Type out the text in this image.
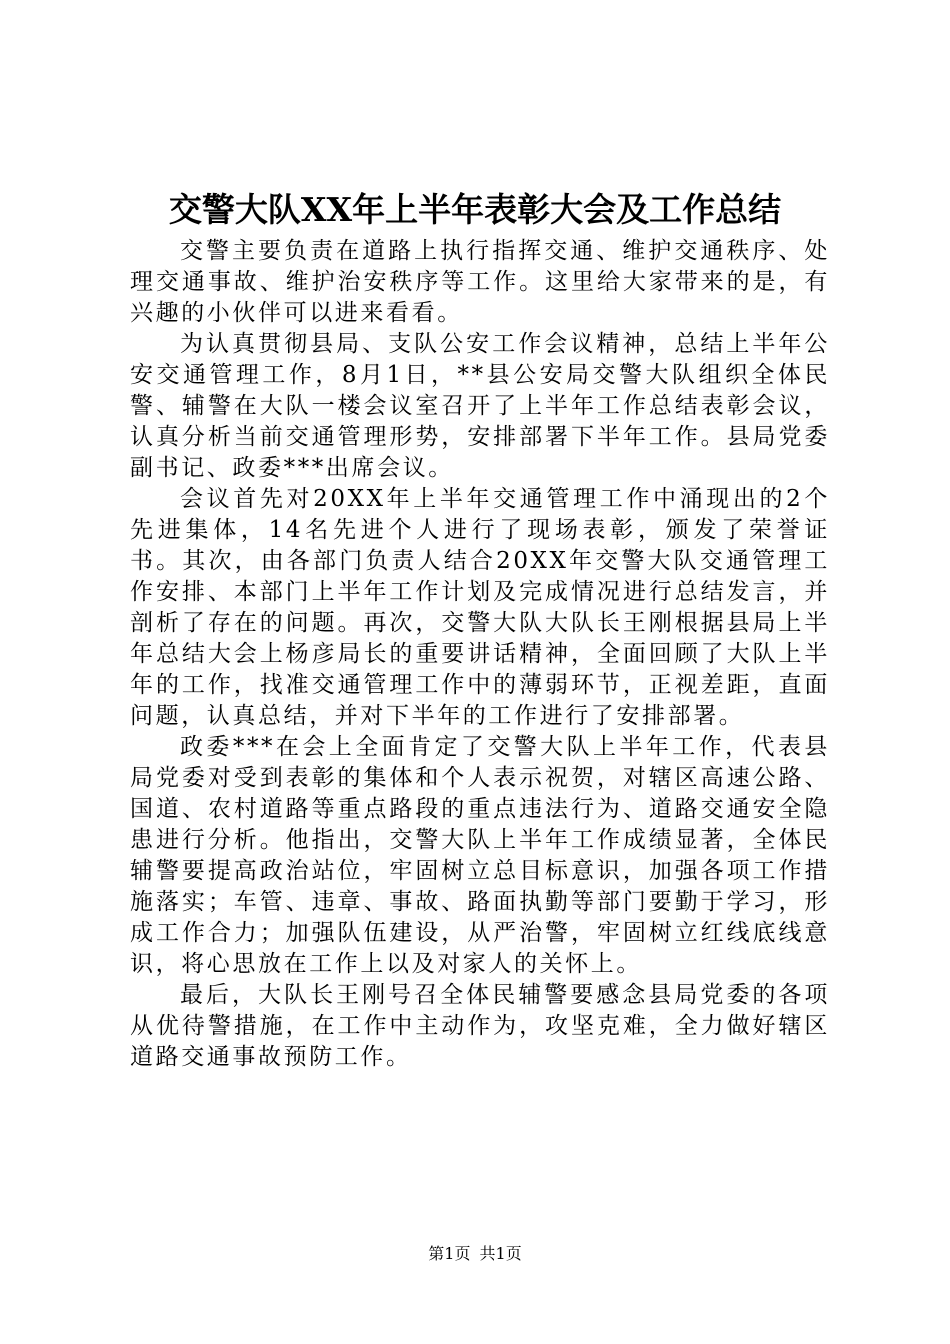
交警大队XX年上半年表彰大会及工作总结

交警主要负责在道路上执行指挥交通、维护交通秩序、处理交通事故、维护治安秩序等工作。这里给大家带来的是，有兴趣的小伙伴可以进来看看。

为认真贯彻县局、支队公安工作会议精神，总结上半年公安交通管理工作，8月1日，**县公安局交警大队组织全体民警、辅警在大队一楼会议室召开了上半年工作总结表彰会议，认真分析当前交通管理形势，安排部署下半年工作。县局党委副书记、政委***出席会议。

会议首先对20XX年上半年交通管理工作中涌现出的2个先进集体，14名先进个人进行了现场表彰，颁发了荣誉证书。其次，由各部门负责人结合20XX年交警大队交通管理工作安排、本部门上半年工作计划及完成情况进行总结发言，并剖析了存在的问题。再次，交警大队大队长王刚根据县局上半年总结大会上杨彦局长的重要讲话精神，全面回顾了大队上半年的工作，找准交通管理工作中的薄弱环节，正视差距，直面问题，认真总结，并对下半年的工作进行了安排部署。

政委***在会上全面肯定了交警大队上半年工作，代表县局党委对受到表彰的集体和个人表示祝贺，对辖区高速公路、国道、农村道路等重点路段的重点违法行为、道路交通安全隐患进行分析。他指出，交警大队上半年工作成绩显著，全体民辅警要提高政治站位，牢固树立总目标意识，加强各项工作措施落实；车管、违章、事故、路面执勤等部门要勤于学习，形成工作合力；加强队伍建设，从严治警，牢固树立红线底线意识，将心思放在工作上以及对家人的关怀上。

最后，大队长王刚号召全体民辅警要感念县局党委的各项从优待警措施，在工作中主动作为，攻坚克难，全力做好辖区道路交通事故预防工作。

第1页 共1页
